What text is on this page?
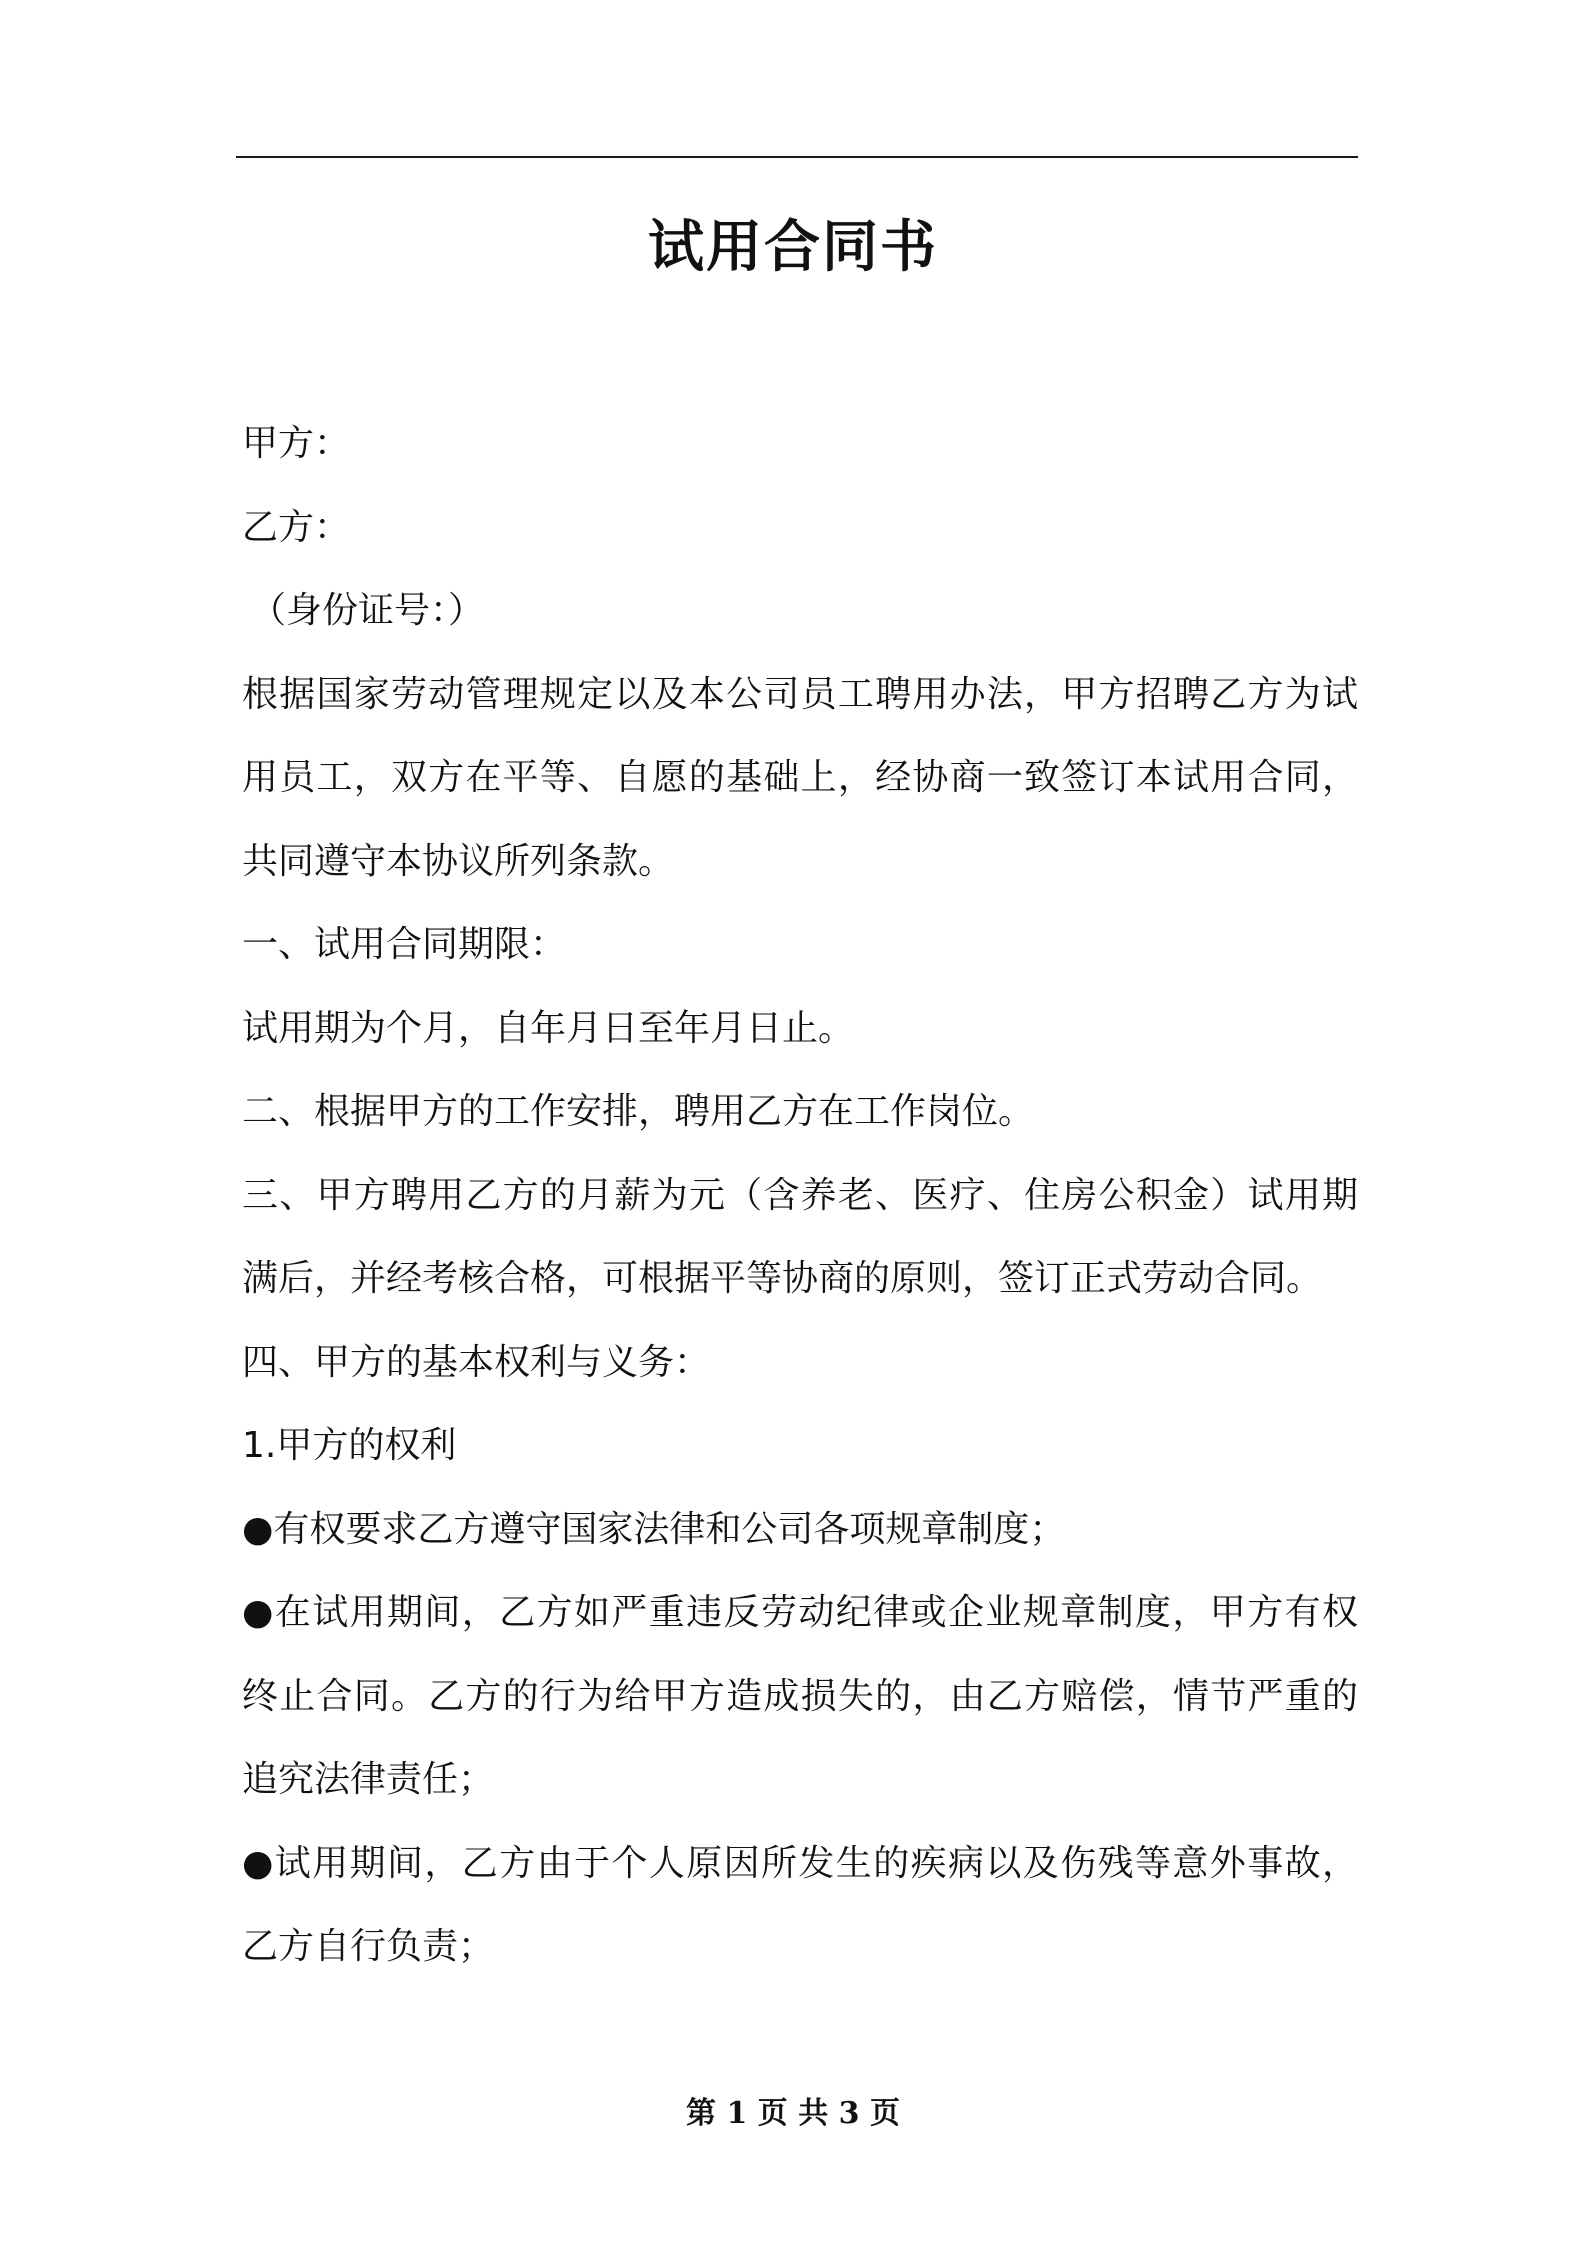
试用合同书
甲方：
乙方：
（身份证号：）
根据国家劳动管理规定以及本公司员工聘用办法，甲方招聘乙方为试
用员工，双方在平等、自愿的基础上，经协商一致签订本试用合同，
共同遵守本协议所列条款。
一、试用合同期限：
试用期为个月，自年月日至年月日止。
二、根据甲方的工作安排，聘用乙方在工作岗位。
三、甲方聘用乙方的月薪为元（含养老、医疗、住房公积金）试用期
满后，并经考核合格，可根据平等协商的原则，签订正式劳动合同。
四、甲方的基本权利与义务：
1.甲方的权利
●有权要求乙方遵守国家法律和公司各项规章制度；
●在试用期间，乙方如严重违反劳动纪律或企业规章制度，甲方有权
终止合同。乙方的行为给甲方造成损失的，由乙方赔偿，情节严重的
追究法律责任；
●试用期间，乙方由于个人原因所发生的疾病以及伤残等意外事故，
乙方自行负责；
第 1 页 共 3 页
